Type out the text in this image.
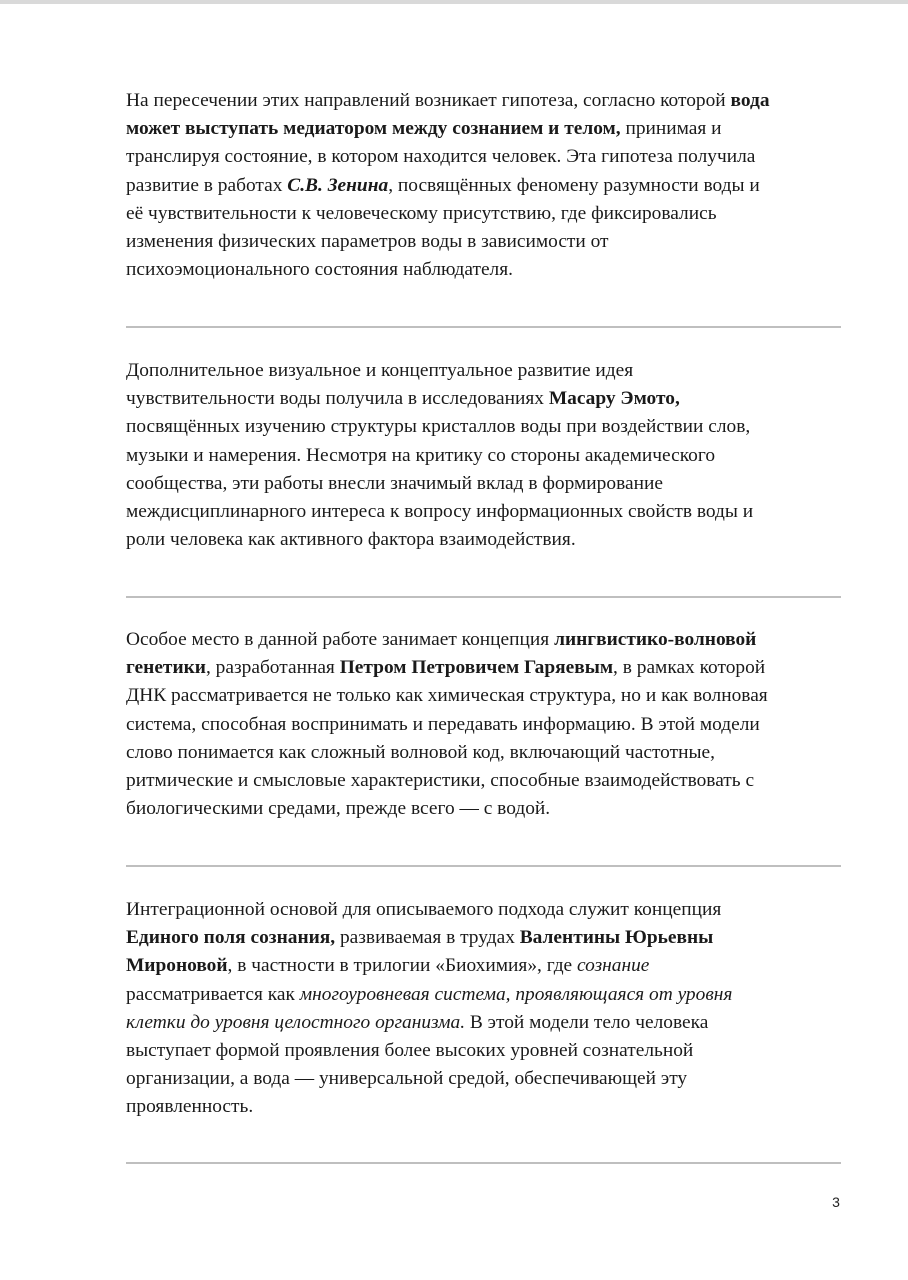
На пересечении этих направлений возникает гипотеза, согласно которой вода
может выступать медиатором между сознанием и телом, принимая и
транслируя состояние, в котором находится человек. Эта гипотеза получила
развитие в работах С.В. Зенина, посвящённых феномену разумности воды и
её чувствительности к человеческому присутствию, где фиксировались
изменения физических параметров воды в зависимости от
психоэмоционального состояния наблюдателя.
Дополнительное визуальное и концептуальное развитие идея
чувствительности воды получила в исследованиях Масару Эмото,
посвящённых изучению структуры кристаллов воды при воздействии слов,
музыки и намерения. Несмотря на критику со стороны академического
сообщества, эти работы внесли значимый вклад в формирование
междисциплинарного интереса к вопросу информационных свойств воды и
роли человека как активного фактора взаимодействия.
Особое место в данной работе занимает концепция лингвистико-волновой
генетики, разработанная Петром Петровичем Гаряевым, в рамках которой
ДНК рассматривается не только как химическая структура, но и как волновая
система, способная воспринимать и передавать информацию. В этой модели
слово понимается как сложный волновой код, включающий частотные,
ритмические и смысловые характеристики, способные взаимодействовать с
биологическими средами, прежде всего — с водой.
Интеграционной основой для описываемого подхода служит концепция
Единого поля сознания, развиваемая в трудах Валентины Юрьевны
Мироновой, в частности в трилогии «Биохимия», где сознание
рассматривается как многоуровневая система, проявляющаяся от уровня
клетки до уровня целостного организма. В этой модели тело человека
выступает формой проявления более высоких уровней сознательной
организации, а вода — универсальной средой, обеспечивающей эту
проявленность.
3
